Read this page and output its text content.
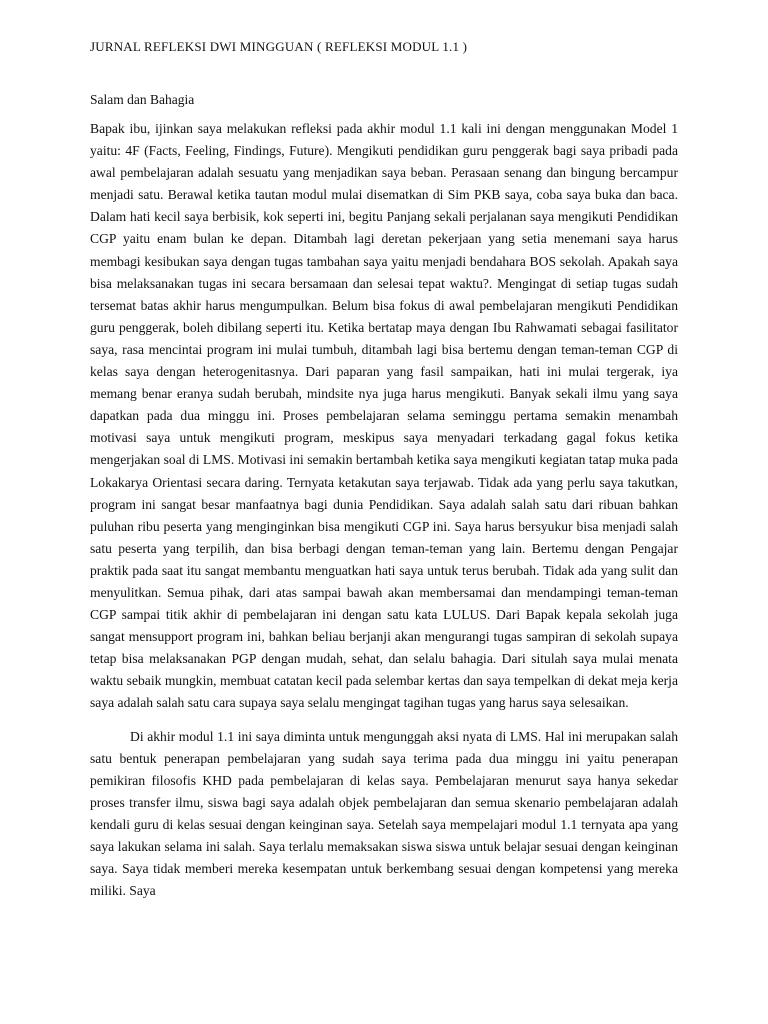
JURNAL REFLEKSI DWI MINGGUAN ( REFLEKSI MODUL 1.1 )

Salam dan Bahagia

Bapak ibu, ijinkan saya melakukan refleksi pada akhir modul 1.1 kali ini dengan menggunakan Model 1 yaitu: 4F (Facts, Feeling, Findings, Future). Mengikuti pendidikan guru penggerak bagi saya pribadi pada awal pembelajaran adalah sesuatu yang menjadikan saya beban. Perasaan senang dan bingung bercampur menjadi satu. Berawal ketika tautan modul mulai disematkan di Sim PKB saya, coba saya buka dan baca. Dalam hati kecil saya berbisik, kok seperti ini, begitu Panjang sekali perjalanan saya mengikuti Pendidikan CGP yaitu enam bulan ke depan. Ditambah lagi deretan pekerjaan yang setia menemani saya harus membagi kesibukan saya dengan tugas tambahan saya yaitu menjadi bendahara BOS sekolah. Apakah saya bisa melaksanakan tugas ini secara bersamaan dan selesai tepat waktu?. Mengingat di setiap tugas sudah tersemat batas akhir harus mengumpulkan. Belum bisa fokus di awal pembelajaran mengikuti Pendidikan guru penggerak, boleh dibilang seperti itu. Ketika bertatap maya dengan Ibu Rahwamati sebagai fasilitator saya, rasa mencintai program ini mulai tumbuh, ditambah lagi bisa bertemu dengan teman-teman CGP di kelas saya dengan heterogenitasnya. Dari paparan yang fasil sampaikan, hati ini mulai tergerak, iya memang benar eranya sudah berubah, mindsite nya juga harus mengikuti. Banyak sekali ilmu yang saya dapatkan pada dua minggu ini. Proses pembelajaran selama seminggu pertama semakin menambah motivasi saya untuk mengikuti program, meskipus saya menyadari terkadang gagal fokus ketika mengerjakan soal di LMS. Motivasi ini semakin bertambah ketika saya mengikuti kegiatan tatap muka pada Lokakarya Orientasi secara daring. Ternyata ketakutan saya terjawab. Tidak ada yang perlu saya takutkan, program ini sangat besar manfaatnya bagi dunia Pendidikan. Saya adalah salah satu dari ribuan bahkan puluhan ribu peserta yang menginginkan bisa mengikuti CGP ini. Saya harus bersyukur bisa menjadi salah satu peserta yang terpilih, dan bisa berbagi dengan teman-teman yang lain. Bertemu dengan Pengajar praktik pada saat itu sangat membantu menguatkan hati saya untuk terus berubah. Tidak ada yang sulit dan menyulitkan. Semua pihak, dari atas sampai bawah akan membersamai dan mendampingi teman-teman CGP sampai titik akhir di pembelajaran ini dengan satu kata LULUS. Dari Bapak kepala sekolah juga sangat mensupport program ini, bahkan beliau berjanji akan mengurangi tugas sampiran di sekolah supaya tetap bisa melaksanakan PGP dengan mudah, sehat, dan selalu bahagia. Dari situlah saya mulai menata waktu sebaik mungkin, membuat catatan kecil pada selembar kertas dan saya tempelkan di dekat meja kerja saya adalah salah satu cara supaya saya selalu mengingat tagihan tugas yang harus saya selesaikan.

Di akhir modul 1.1 ini saya diminta untuk mengunggah aksi nyata di LMS. Hal ini merupakan salah satu bentuk penerapan pembelajaran yang sudah saya terima pada dua minggu ini yaitu penerapan pemikiran filosofis KHD pada pembelajaran di kelas saya. Pembelajaran menurut saya hanya sekedar proses transfer ilmu, siswa bagi saya adalah objek pembelajaran dan semua skenario pembelajaran adalah kendali guru di kelas sesuai dengan keinginan saya. Setelah saya mempelajari modul 1.1 ternyata apa yang saya lakukan selama ini salah. Saya terlalu memaksakan siswa siswa untuk belajar sesuai dengan keinginan saya. Saya tidak memberi mereka kesempatan untuk berkembang sesuai dengan kompetensi yang mereka miliki. Saya
